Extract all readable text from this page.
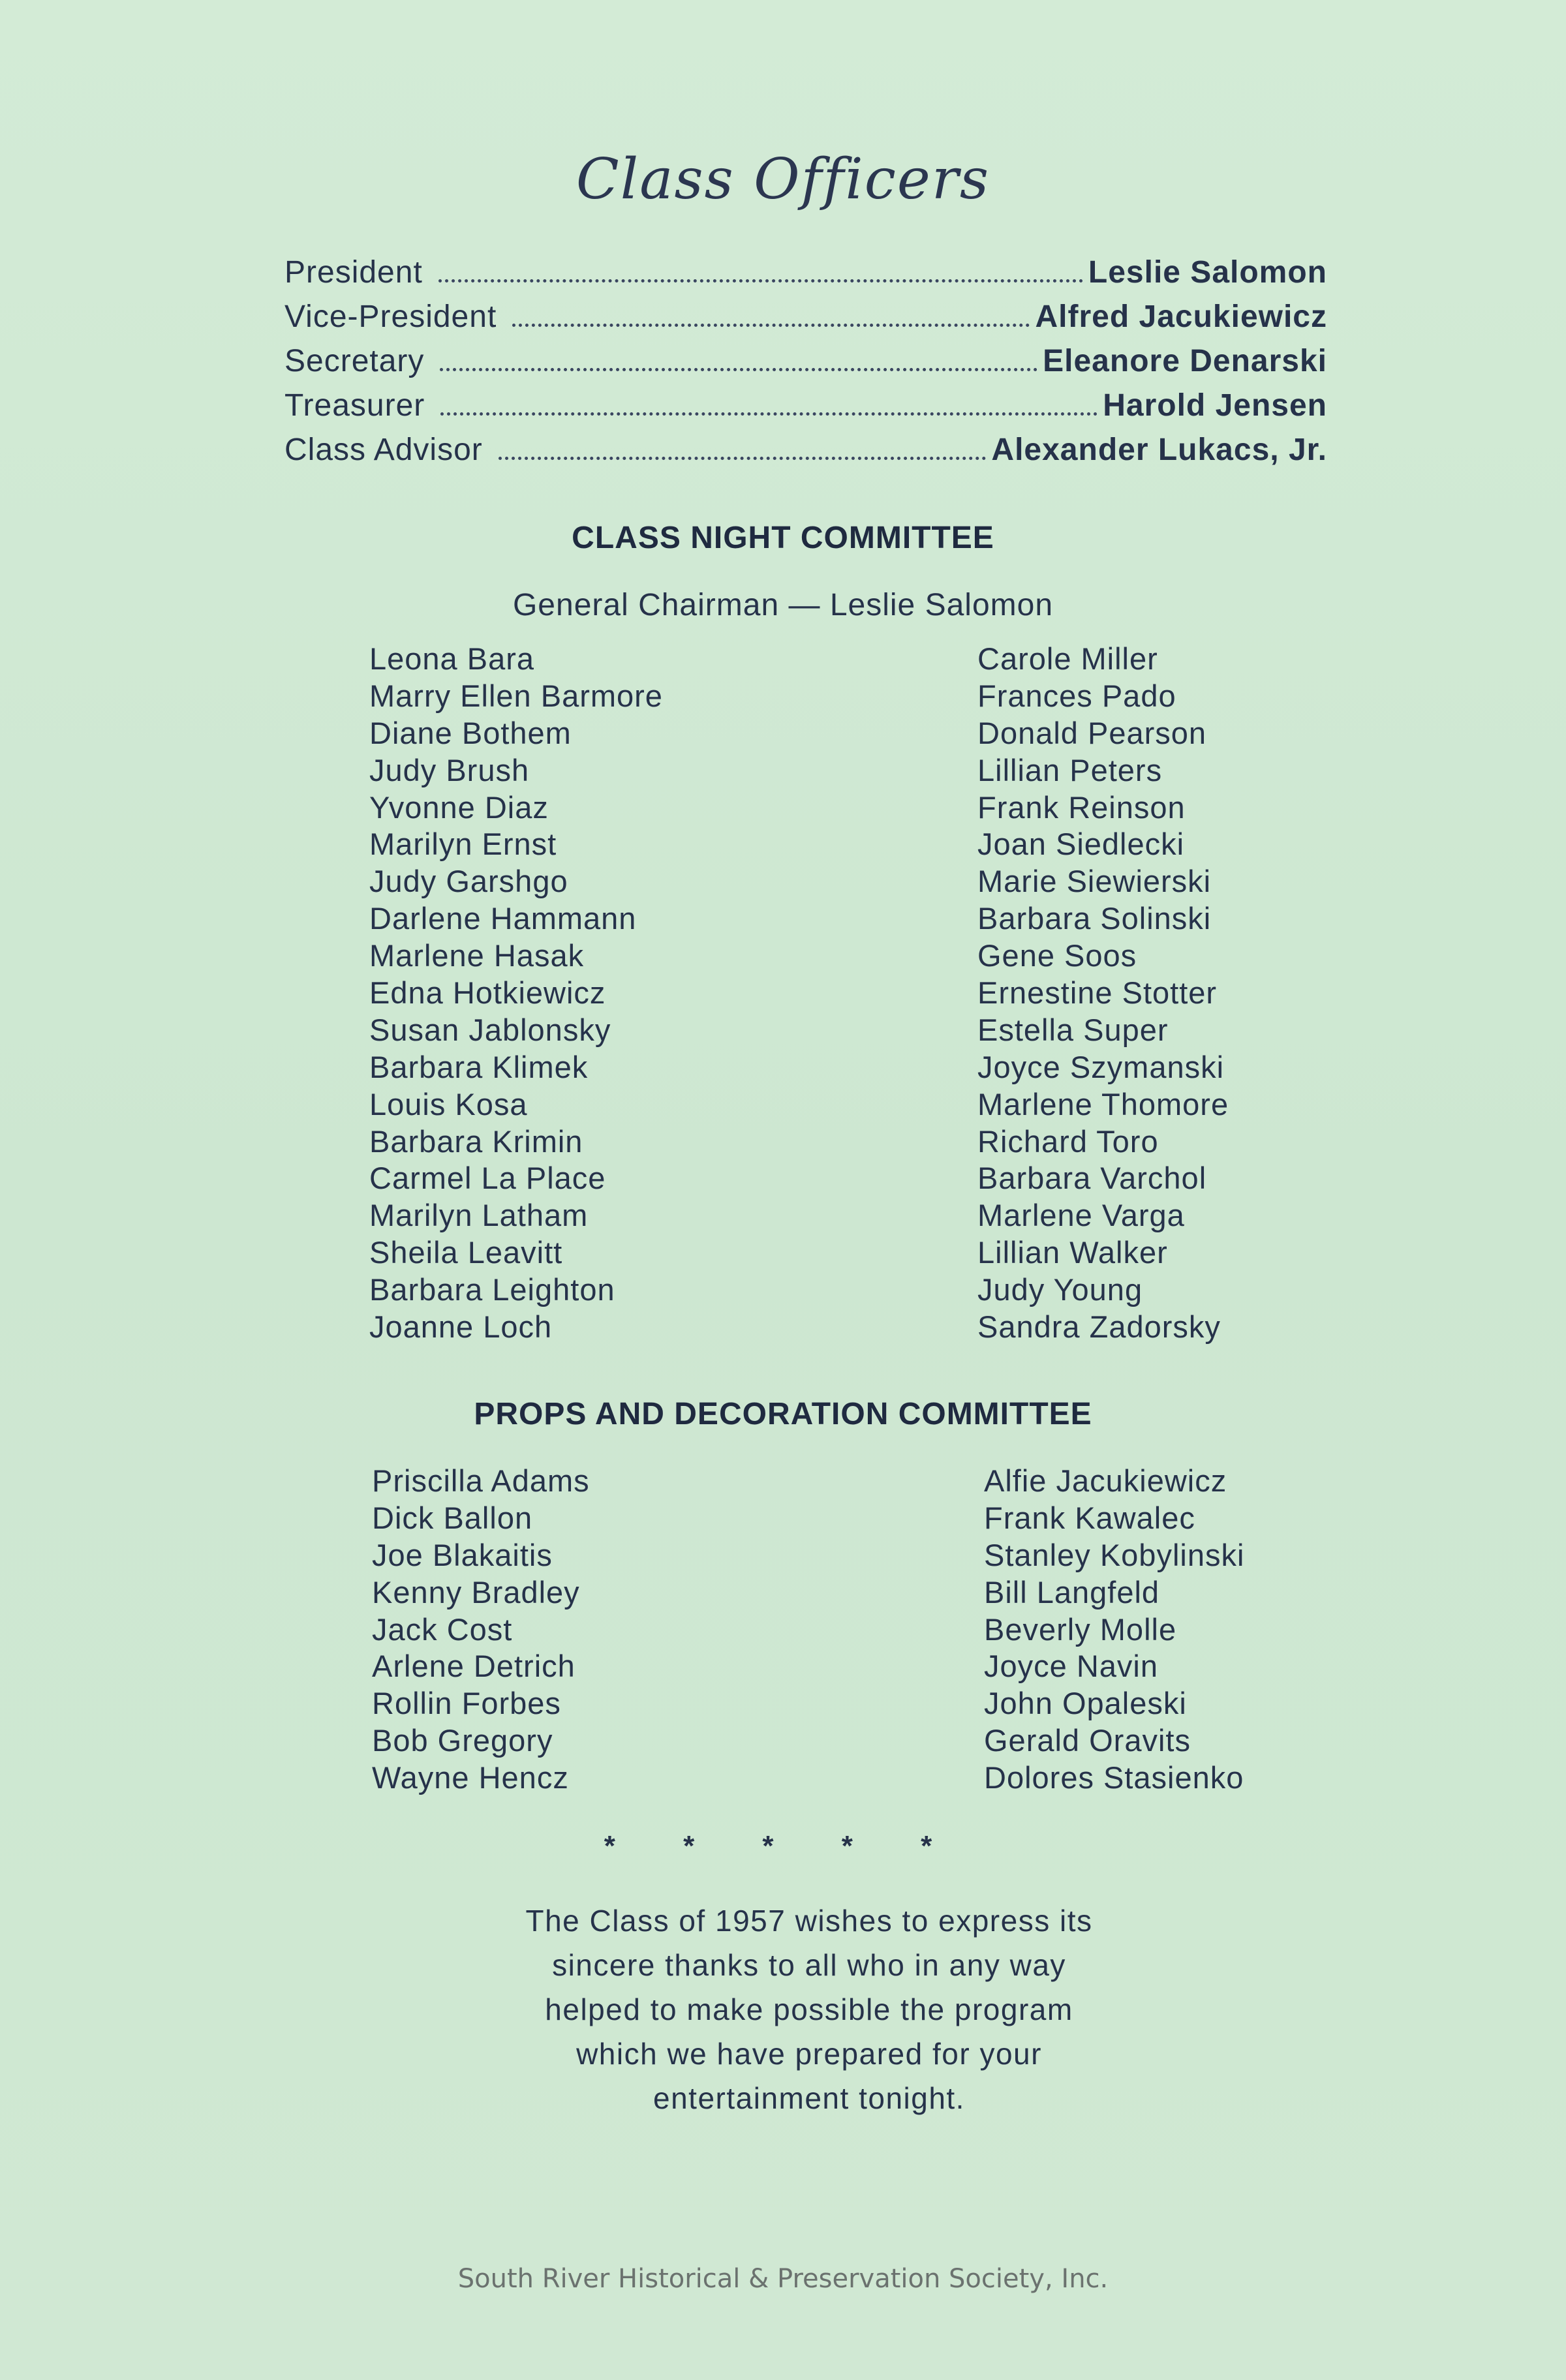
Class Officers
President	Leslie Salomon
Vice-President	Alfred Jacukiewicz
Secretary	Eleanore Denarski
Treasurer	Harold Jensen
Class Advisor	Alexander Lukacs, Jr.
CLASS NIGHT COMMITTEE
General Chairman — Leslie Salomon
Leona Bara
Marry Ellen Barmore
Diane Bothem
Judy Brush
Yvonne Diaz
Marilyn Ernst
Judy Garshgo
Darlene Hammann
Marlene Hasak
Edna Hotkiewicz
Susan Jablonsky
Barbara Klimek
Louis Kosa
Barbara Krimin
Carmel La Place
Marilyn Latham
Sheila Leavitt
Barbara Leighton
Joanne Loch
Carole Miller
Frances Pado
Donald Pearson
Lillian Peters
Frank Reinson
Joan Siedlecki
Marie Siewierski
Barbara Solinski
Gene Soos
Ernestine Stotter
Estella Super
Joyce Szymanski
Marlene Thomore
Richard Toro
Barbara Varchol
Marlene Varga
Lillian Walker
Judy Young
Sandra Zadorsky
PROPS AND DECORATION COMMITTEE
Priscilla Adams
Dick Ballon
Joe Blakaitis
Kenny Bradley
Jack Cost
Arlene Detrich
Rollin Forbes
Bob Gregory
Wayne Hencz
Alfie Jacukiewicz
Frank Kawalec
Stanley Kobylinski
Bill Langfeld
Beverly Molle
Joyce Navin
John Opaleski
Gerald Oravits
Dolores Stasienko
* * * * *
The Class of 1957 wishes to express its
sincere thanks to all who in any way
helped to make possible the program
which we have prepared for your
entertainment tonight.
South River Historical & Preservation Society, Inc.
